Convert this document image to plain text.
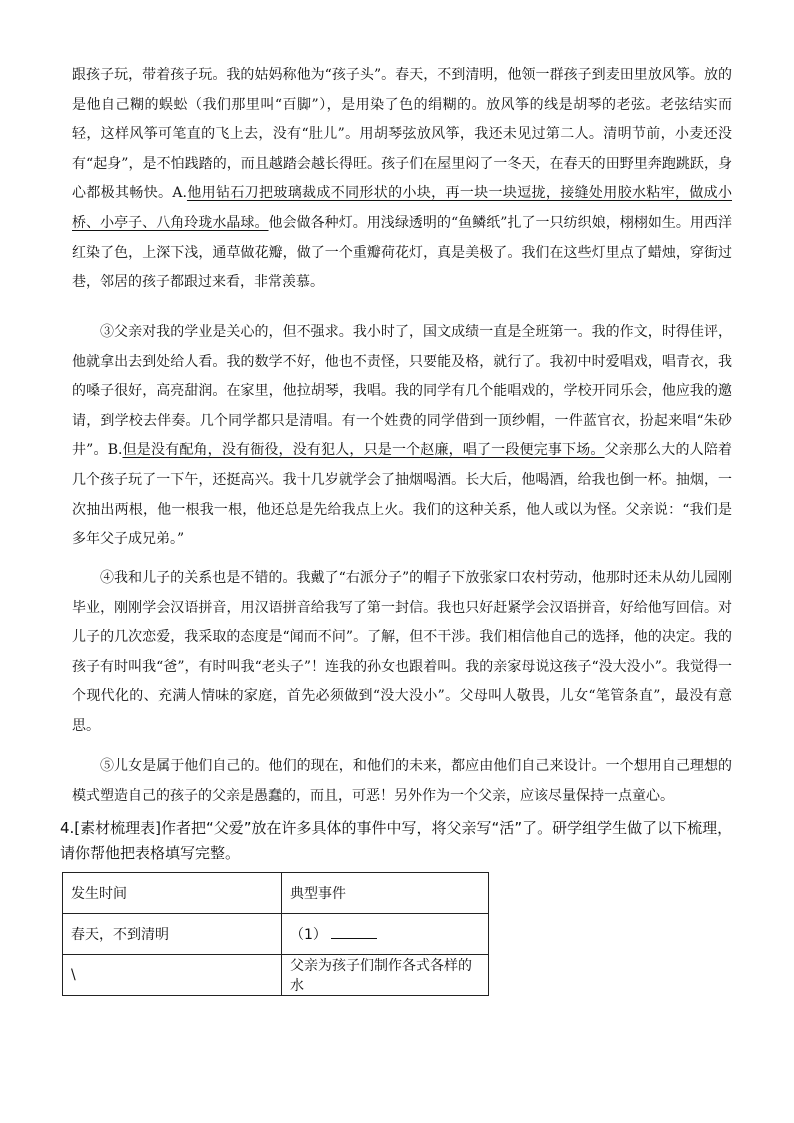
跟孩子玩，带着孩子玩。我的姑妈称他为“孩子头”。春天，不到清明，他领一群孩子到麦田里放风筝。放的是他自己糊的蜈蚣（我们那里叫“百脚”），是用染了色的绢糊的。放风筝的线是胡琴的老弦。老弦结实而轻，这样风筝可笔直的飞上去，没有“肚儿”。用胡琴弦放风筝，我还未见过第二人。清明节前，小麦还没有“起身”，是不怕践踏的，而且越踏会越长得旺。孩子们在屋里闷了一冬天，在春天的田野里奔跑跳跃，身心都极其畅快。A.他用钻石刀把玻璃裁成不同形状的小块，再一块一块逗拢，接缝处用胶水粘牢，做成小桥、小亭子、八角玲珑水晶球。他会做各种灯。用浅绿透明的“鱼鳞纸”扎了一只纺织娘，栩栩如生。用西洋红染了色，上深下浅，通草做花瓣，做了一个重瓣荷花灯，真是美极了。我们在这些灯里点了蜡烛，穿街过巷，邻居的孩子都跟过来看，非常羡慕。

③父亲对我的学业是关心的，但不强求。我小时了，国文成绩一直是全班第一。我的作文，时得佳评，他就拿出去到处给人看。我的数学不好，他也不责怪，只要能及格，就行了。我初中时爱唱戏，唱青衣，我的嗓子很好，高亮甜润。在家里，他拉胡琴，我唱。我的同学有几个能唱戏的，学校开同乐会，他应我的邀请，到学校去伴奏。几个同学都只是清唱。有一个姓费的同学借到一顶纱帽，一件蓝官衣，扮起来唱“朱砂井”。B.但是没有配角，没有衙役，没有犯人，只是一个赵廉，唱了一段便完事下场。父亲那么大的人陪着几个孩子玩了一下午，还挺高兴。我十几岁就学会了抽烟喝酒。长大后，他喝酒，给我也倒一杯。抽烟，一次抽出两根，他一根我一根，他还总是先给我点上火。我们的这种关系，他人或以为怪。父亲说：“我们是多年父子成兄弟。”

④我和儿子的关系也是不错的。我戴了“右派分子”的帽子下放张家口农村劳动，他那时还未从幼儿园刚毕业，刚刚学会汉语拼音，用汉语拼音给我写了第一封信。我也只好赶紧学会汉语拼音，好给他写回信。对儿子的几次恋爱，我采取的态度是“闻而不问”。了解，但不干涉。我们相信他自己的选择，他的决定。我的孩子有时叫我“爸”，有时叫我“老头子”！连我的孙女也跟着叫。我的亲家母说这孩子“没大没小”。我觉得一个现代化的、充满人情味的家庭，首先必须做到“没大没小”。父母叫人敬畏，儿女“笔管条直”，最没有意思。

⑤儿女是属于他们自己的。他们的现在，和他们的未来，都应由他们自己来设计。一个想用自己理想的模式塑造自己的孩子的父亲是愚蠢的，而且，可恶！另外作为一个父亲，应该尽量保持一点童心。

4.[素材梳理表]作者把“父爱”放在许多具体的事件中写，将父亲写“活”了。研学组学生做了以下梳理，请你帮他把表格填写完整。

发生时间	典型事件
春天，不到清明	（1）
\	父亲为孩子们制作各式各样的水
